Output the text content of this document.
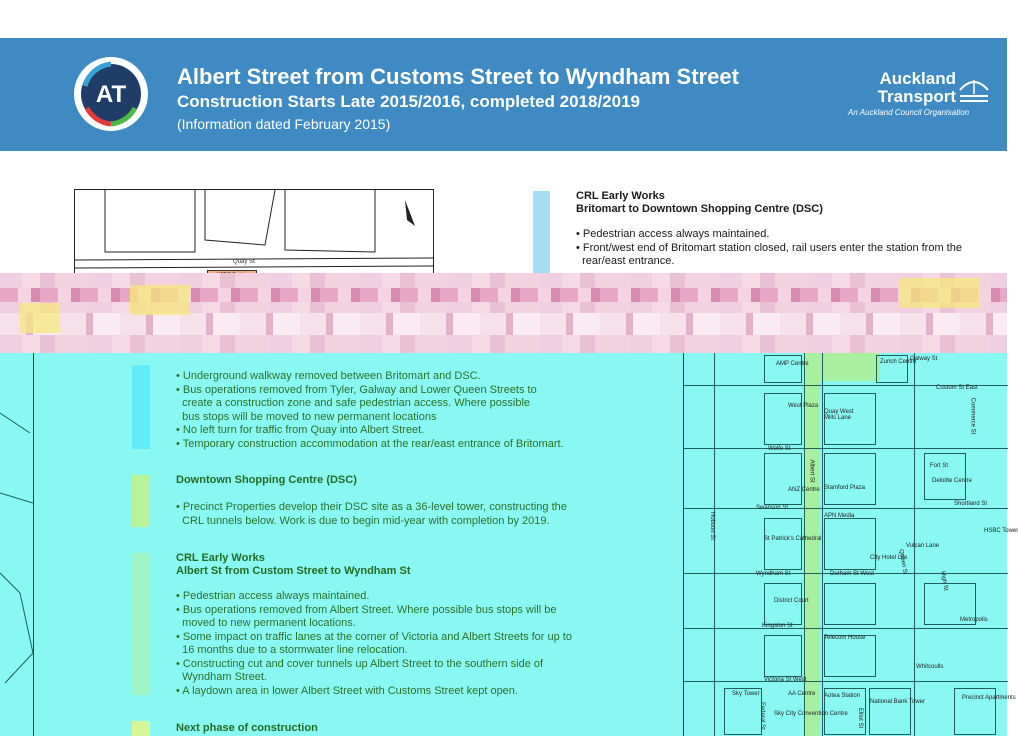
AT
Albert Street from Customs Street to Wyndham Street
Construction Starts Late 2015/2016, completed 2018/2019
(Information dated February 2015)
Auckland
Transport
An Auckland Council Organisation
Quay St
CRL Early Works
Britomart to Downtown Shopping Centre (DSC)
• Pedestrian access always maintained.
• Front/west end of Britomart station closed, rail users enter the station from the
rear/east entrance.
• Underground walkway removed between Britomart and DSC.
• Bus operations removed from Tyler, Galway and Lower Queen Streets to
create a construction zone and safe pedestrian access. Where possible
bus stops will be moved to new permanent locations
• No left turn for traffic from Quay into Albert Street.
• Temporary construction accommodation at the rear/east entrance of Britomart.
Downtown Shopping Centre (DSC)
• Precinct Properties develop their DSC site as a 36-level tower, constructing the
CRL tunnels below. Work is due to begin mid-year with completion by 2019.
CRL Early Works
Albert St from Custom Street to Wyndham St
• Pedestrian access always maintained.
• Bus operations removed from Albert Street. Where possible bus stops will be
moved to new permanent locations.
• Some impact on traffic lanes at the corner of Victoria and Albert Streets for up to
16 months due to a stormwater line relocation.
• Constructing cut and cover tunnels up Albert Street to the southern side of
Wyndham Street.
• A laydown area in lower Albert Street with Customs Street kept open.
Next phase of construction
AMP Centre	Zurich Centre
Galway St
Custom St East
West Plaza
Quay West
Mills Lane	Commerce St
Wolfe St
Fort St
Albert St
ANZ Centre Stamford Plaza
Deloitte Centre
Shortland St
Swanson St
APN Media
HSBC Tower
Hobson St	St Patrick's Cathedral
City Hotel Life
Vulcan Lane
Queen St
Wyndham St	Durham St West	High St
District Court
Metropolis
Kingston St
Telecom House
Whitcoulls
Victoria St West
Sky Tower	AA Centre Aotea Station
National Bank Tower
Precinct Apartments
Sky City Convention Centre
Federal St	Elliot St
